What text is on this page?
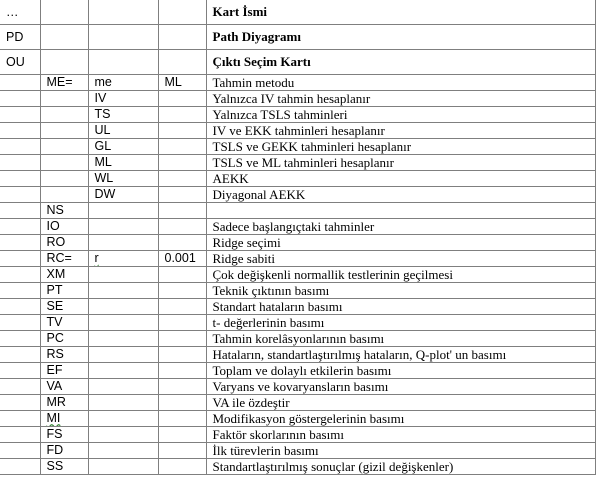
…				Kart İsmi
PD				Path Diyagramı
OU				Çıktı Seçim Kartı
	ME=	me	ML	Tahmin metodu
		IV		Yalnızca IV tahmin hesaplanır
		TS		Yalnızca TSLS tahminleri
		UL		IV ve EKK tahminleri hesaplanır
		GL		TSLS ve GEKK tahminleri hesaplanır
		ML		TSLS ve ML tahminleri hesaplanır
		WL		AEKK
		DW		Diyagonal AEKK
	NS			
	IO			Sadece başlangıçtaki tahminler
	RO			Ridge seçimi
	RC=	r	0.001	Ridge sabiti
	XM			Çok değişkenli normallik testlerinin geçilmesi
	PT			Teknik çıktının basımı
	SE			Standart hataların basımı
	TV			t- değerlerinin basımı
	PC			Tahmin korelâsyonlarının basımı
	RS			Hataların, standartlaştırılmış hataların, Q-plot' un basımı
	EF			Toplam ve dolaylı etkilerin basımı
	VA			Varyans ve kovaryansların basımı
	MR			VA ile özdeştir
	MI			Modifikasyon göstergelerinin basımı
	FS			Faktör skorlarının basımı
	FD			İlk türevlerin basımı
	SS			Standartlaştırılmış sonuçlar (gizil değişkenler)
